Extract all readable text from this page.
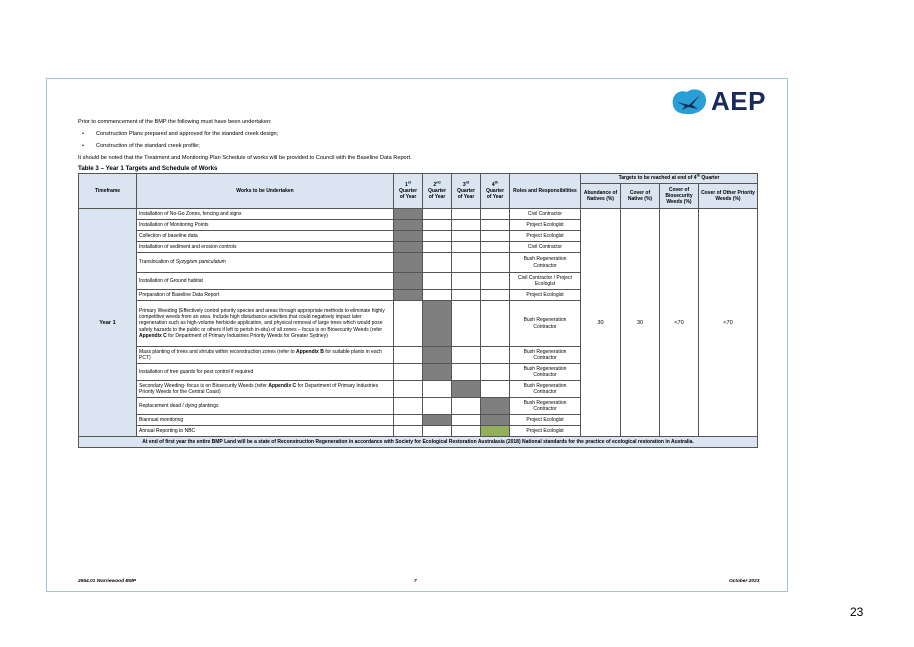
AEP

Prior to commencement of the BMP the following must have been undertaken:

• Construction Plans prepared and approved for the standard creek design;
• Construction of the standard creek profile;

It should be noted that the Treatment and Monitoring Plan Schedule of works will be provided to Council with the Baseline Data Report.

Table 3 – Year 1 Targets and Schedule of Works
Timeframe	Works to be Undertaken	1st Quarter of Year	2nd Quarter of Year	3rd Quarter of Year	4th Quarter of Year	Roles and Responsibilities	Targets to be reached at end of 4th Quarter			
							Abundance of Natives (%)	Cover of Native (%)	Cover of Biosecurity Weeds (%)	Cover of Other Priority Weeds (%)
Year 1	Installation of No-Go Zones, fencing and signs					Civil Contractor	30	30	<70	<70
	Installation of Monitoring Points					Project Ecologist				
	Collection of baseline data					Project Ecologist				
	Installation of sediment and erosion controls					Civil Contractor				
	Translocation of Syzygium paniculatum					Bush Regeneration Contractor				
	Installation of Ground habitat					Civil Contractor / Project Ecologist				
	Preparation of Baseline Data Report					Project Ecologist				
	Primary Weeding (Effectively control priority species and areas through appropriate methods to eliminate highly competitive weeds from an area. Include high disturbance activities that could negatively impact later regeneration such as high-volume herbicide application, and physical removal of large trees which would pose safety hazards to the public or others if left to perish in-situ) of all zones – focus is on Biosecurity Weeds (refer Appendix C for Department of Primary Industries Priority Weeds for Greater Sydney)					Bush Regeneration Contractor				
	Mass planting of trees and shrubs within reconstruction zones (refer to Appendix B for suitable plants in each PCT)					Bush Regeneration Contractor				
	Installation of tree guards for pest control if required					Bush Regeneration Contractor				
	Secondary Weeding- focus is on Biosecurity Weeds (refer Appendix C for Department of Primary Industries Priority Weeds for the Central Coast)					Bush Regeneration Contractor				
	Replacement dead / dying plantings					Bush Regeneration Contractor				
	Biannual monitoring					Project Ecologist				
	Annual Reporting to NBC					Project Ecologist				
At end of first year the entire BMP Land will be a state of Reconstruction Regeneration in accordance with Society for Ecological Restoration Australasia (2018) National standards for the practice of ecological restoration in Australia.										
2564.01 Warriewood BMP	7	October 2023
23
